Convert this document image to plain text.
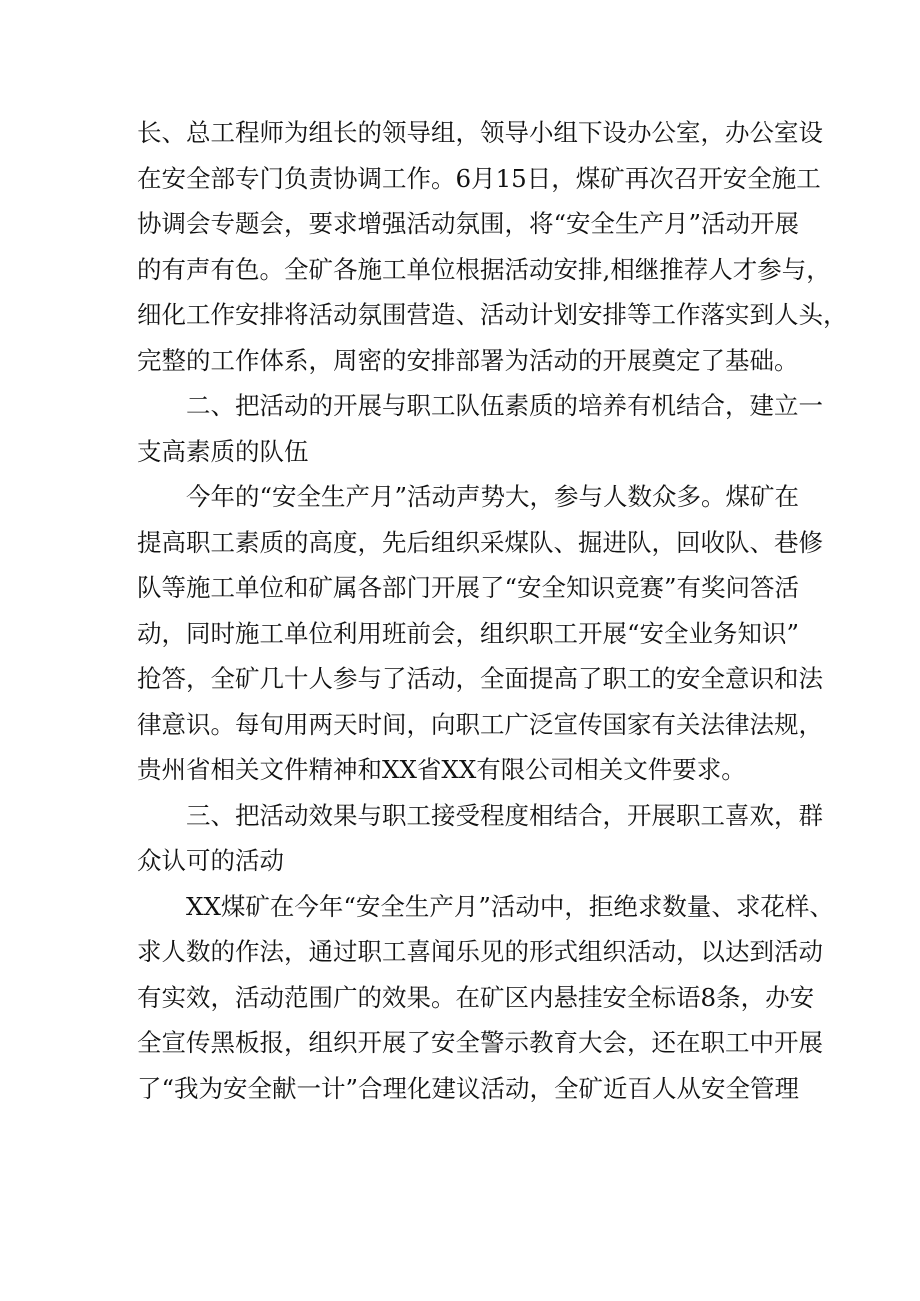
长、总工程师为组长的领导组，领导小组下设办公室，办公室设
在安全部专门负责协调工作。6月15日，煤矿再次召开安全施工
协调会专题会，要求增强活动氛围，将“安全生产月”活动开展
的有声有色。全矿各施工单位根据活动安排,相继推荐人才参与，
细化工作安排将活动氛围营造、活动计划安排等工作落实到人头，
完整的工作体系，周密的安排部署为活动的开展奠定了基础。
二、把活动的开展与职工队伍素质的培养有机结合，建立一
支高素质的队伍
今年的“安全生产月”活动声势大，参与人数众多。煤矿在
提高职工素质的高度，先后组织采煤队、掘进队，回收队、巷修
队等施工单位和矿属各部门开展了“安全知识竞赛”有奖问答活
动，同时施工单位利用班前会，组织职工开展“安全业务知识”
抢答，全矿几十人参与了活动，全面提高了职工的安全意识和法
律意识。每旬用两天时间，向职工广泛宣传国家有关法律法规，
贵州省相关文件精神和XX省XX有限公司相关文件要求。
三、把活动效果与职工接受程度相结合，开展职工喜欢，群
众认可的活动
XX煤矿在今年“安全生产月”活动中，拒绝求数量、求花样、
求人数的作法，通过职工喜闻乐见的形式组织活动，以达到活动
有实效，活动范围广的效果。在矿区内悬挂安全标语8条，办安
全宣传黑板报，组织开展了安全警示教育大会，还在职工中开展
了“我为安全献一计”合理化建议活动，全矿近百人从安全管理
